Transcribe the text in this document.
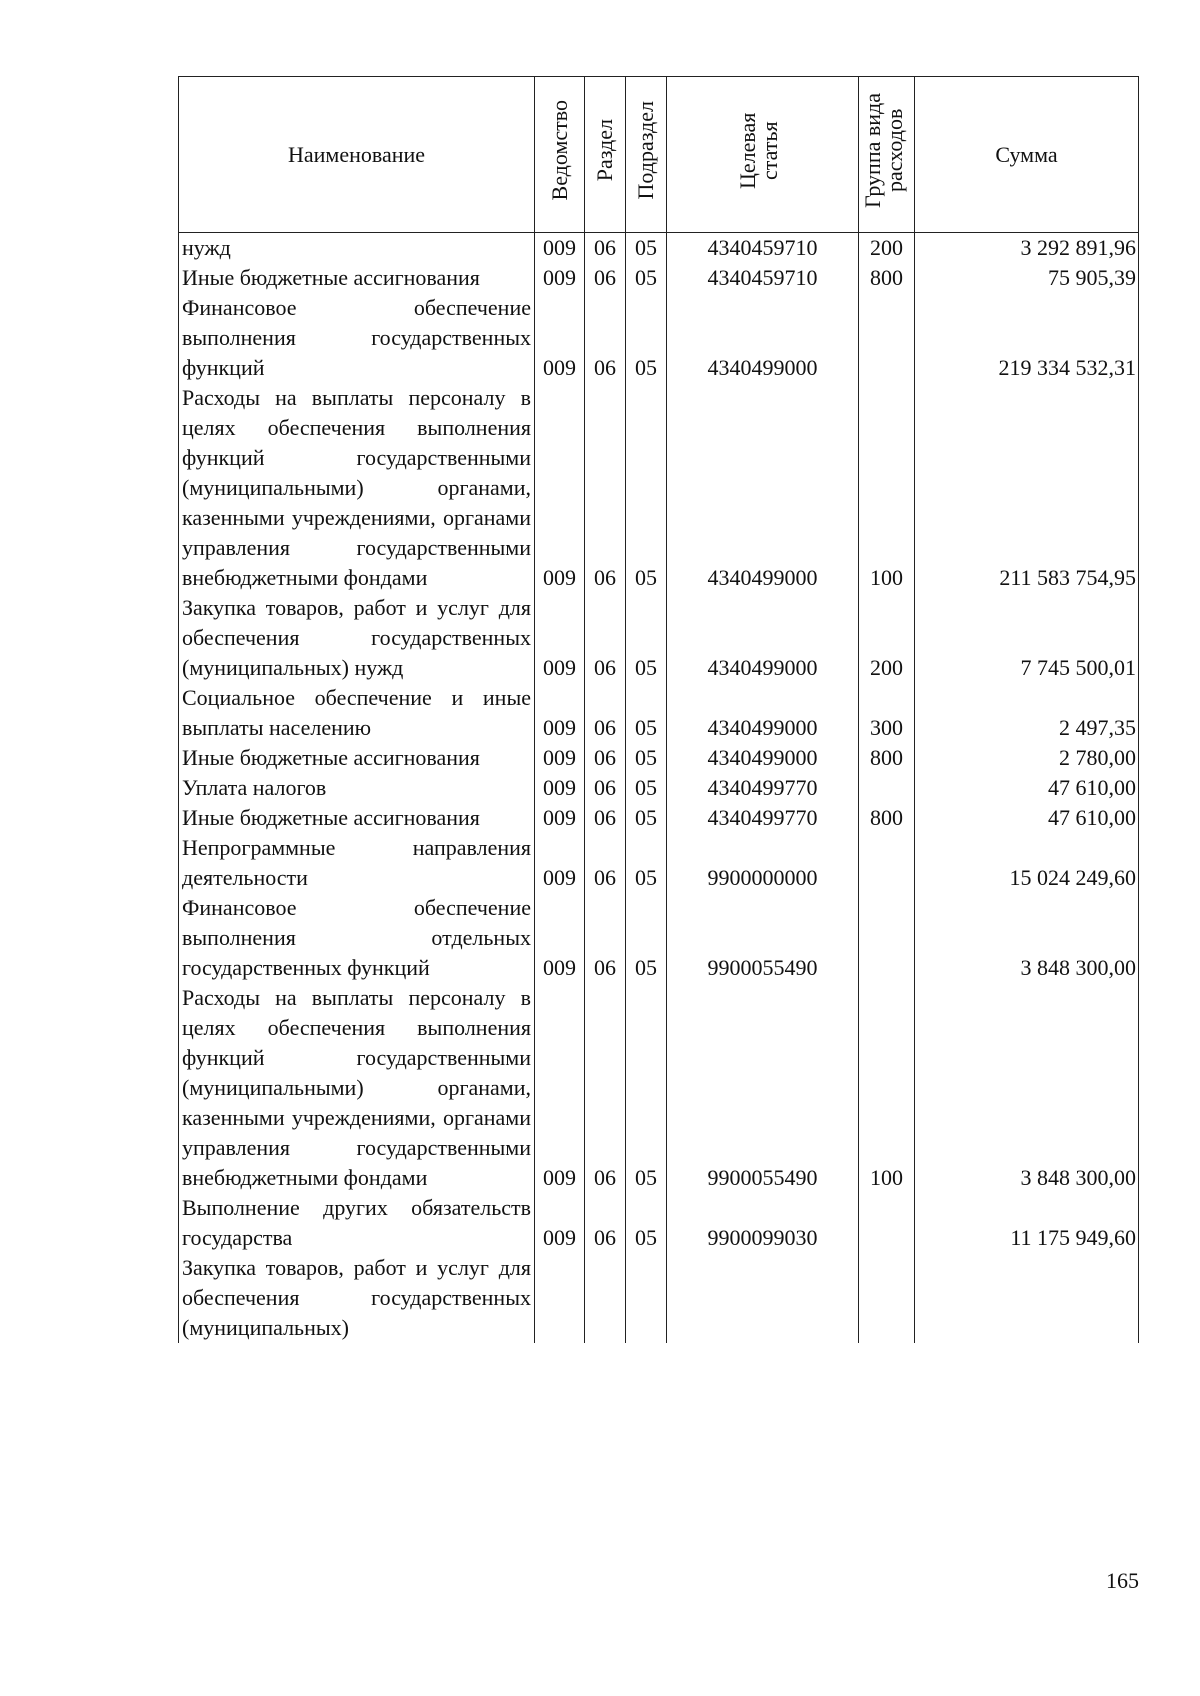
Наименование	Ведомство	Раздел	Подраздел	Целевая статья	Группа вида расходов	Сумма
нужд	009	06	05	4340459710	200	3 292 891,96
Иные бюджетные ассигнования	009	06	05	4340459710	800	75 905,39
Финансовое обеспечение выполнения государственных функций	009	06	05	4340499000		219 334 532,31
Расходы на выплаты персоналу в целях обеспечения выполнения функций государственными (муниципальными) органами, казенными учреждениями, органами управления государственными внебюджетными фондами	009	06	05	4340499000	100	211 583 754,95
Закупка товаров, работ и услуг для обеспечения государственных (муниципальных) нужд	009	06	05	4340499000	200	7 745 500,01
Социальное обеспечение и иные выплаты населению	009	06	05	4340499000	300	2 497,35
Иные бюджетные ассигнования	009	06	05	4340499000	800	2 780,00
Уплата налогов	009	06	05	4340499770		47 610,00
Иные бюджетные ассигнования	009	06	05	4340499770	800	47 610,00
Непрограммные направления деятельности	009	06	05	9900000000		15 024 249,60
Финансовое обеспечение выполнения отдельных государственных функций	009	06	05	9900055490		3 848 300,00
Расходы на выплаты персоналу в целях обеспечения выполнения функций государственными (муниципальными) органами, казенными учреждениями, органами управления государственными внебюджетными фондами	009	06	05	9900055490	100	3 848 300,00
Выполнение других обязательств государства	009	06	05	9900099030		11 175 949,60
Закупка товаров, работ и услуг для обеспечения государственных (муниципальных)						
165
